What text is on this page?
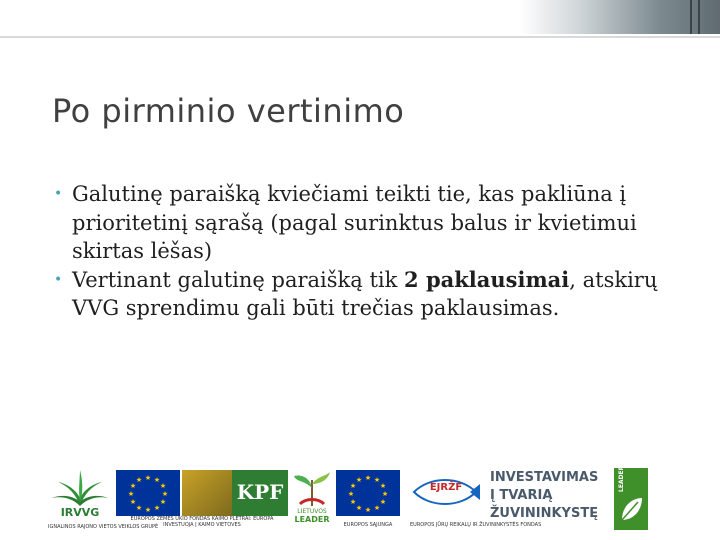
Po pirminio vertinimo
• Galutinę paraišką kviečiami teikti tie, kas pakliūna į prioritetinį sąrašą (pagal surinktus balus ir kvietimui skirtas lėšas)
• Vertinant galutinę paraišką tik 2 paklausimai, atskirų VVG sprendimu gali būti trečias paklausimas.
IRVVG
IGNALINOS RAJONO VIETOS VEIKLOS GRUPĖ
★ ★
★
★
★
★
★
★
★
★
★
★	KPF
EUROPOS ŽEMĖS ŪKIO FONDAS KAIMO PLĖTRAI: EUROPA INVESTUOJA Į KAIMO VIETOVES
LIETUVOS
LEADER
★ ★
★
★
★
★
★
★
★
★
★
★
EUROPOS SĄJUNGA
EJRŽF
EUROPOS JŪRŲ REIKALŲ IR ŽUVININKYSTĖS FONDAS
INVESTAVIMAS
Į TVARIĄ
ŽUVININKYSTĘ
LEADER
